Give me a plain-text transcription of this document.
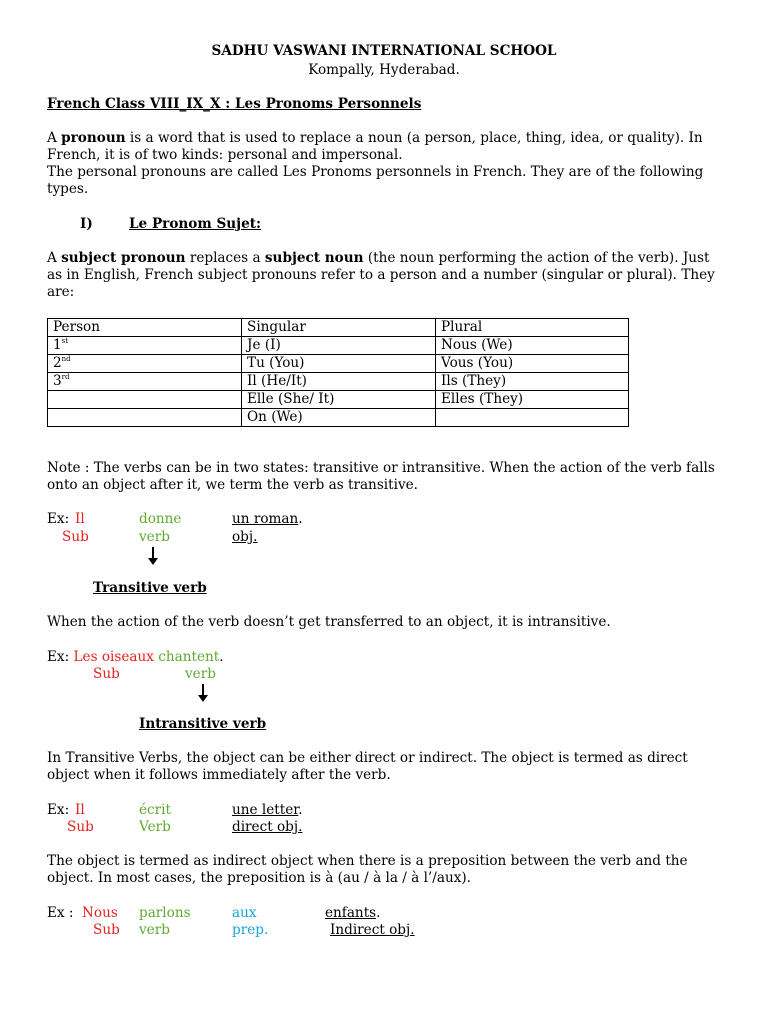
SADHU VASWANI INTERNATIONAL SCHOOL
Kompally, Hyderabad.
French Class VIII_IX_X : Les Pronoms Personnels
A pronoun is a word that is used to replace a noun (a person, place, thing, idea, or quality). In French, it is of two kinds: personal and impersonal.
The personal pronouns are called Les Pronoms personnels in French. They are of the following types.
I)	Le Pronom Sujet:
A subject pronoun replaces a subject noun (the noun performing the action of the verb). Just as in English, French subject pronouns refer to a person and a number (singular or plural). They are:
Person	Singular	Plural
1st	Je (I)	Nous (We)
2nd	Tu (You)	Vous (You)
3rd	Il (He/It)	Ils (They)
	Elle (She/ It)	Elles (They)
	On (We)	
Note : The verbs can be in two states: transitive or intransitive. When the action of the verb falls onto an object after it, we term the verb as transitive.
Ex: Il	donne	un roman.
Sub	verb	obj.
Transitive verb
When the action of the verb doesn’t get transferred to an object, it is intransitive.
Ex: Les oiseaux chantent.
Sub	verb
Intransitive verb
In Transitive Verbs, the object can be either direct or indirect. The object is termed as direct object when it follows immediately after the verb.
Ex: Il	écrit	une letter.
Sub	Verb	direct obj.
The object is termed as indirect object when there is a preposition between the verb and the object. In most cases, the preposition is à (au / à la / à l’/aux).
Ex : Nous parlons	aux	enfants.
Sub verb	prep.	Indirect obj.
